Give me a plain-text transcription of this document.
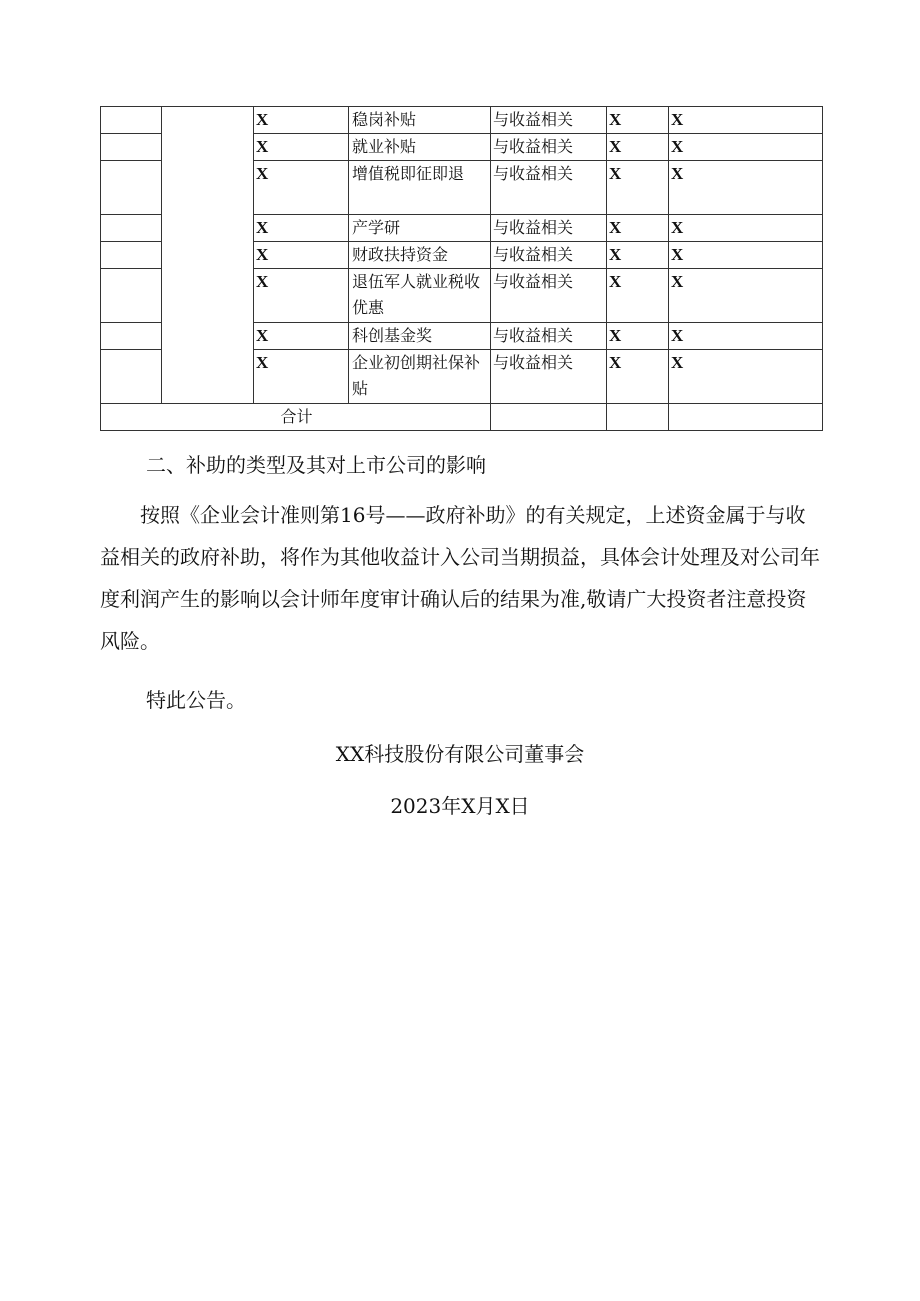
		X	稳岗补贴	与收益相关	X	X
		X	就业补贴	与收益相关	X	X
		X	增值税即征即退	与收益相关	X	X
		X	产学研	与收益相关	X	X
		X	财政扶持资金	与收益相关	X	X
		X	退伍军人就业税收优惠	与收益相关	X	X
		X	科创基金奖	与收益相关	X	X
		X	企业初创期社保补贴	与收益相关	X	X
合计						

二、补助的类型及其对上市公司的影响

按照《企业会计准则第16号——政府补助》的有关规定，上述资金属于与收益相关的政府补助，将作为其他收益计入公司当期损益，具体会计处理及对公司年度利润产生的影响以会计师年度审计确认后的结果为准,敬请广大投资者注意投资风险。

特此公告。

XX科技股份有限公司董事会

2023年X月X日
